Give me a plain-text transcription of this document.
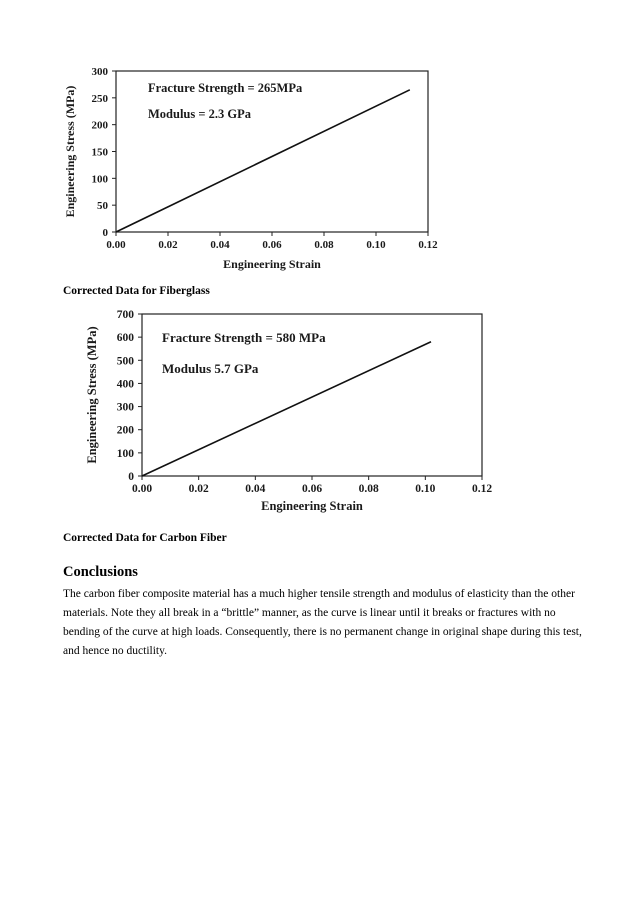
0.00	0.02	0.04	0.06	0.08	0.10	0.12
0
50
100
150
200
250
300
Engineering Strain
Engineering Stress (MPa)	Fracture Strength = 265MPa
Modulus = 2.3 GPa
0.00	0.02	0.04	0.06	0.08	0.10	0.12
0
100
200
300
400
500
600
700
Engineering Strain
Engineering Stress (MPa)	Fracture Strength = 580 MPa
Modulus 5.7 GPa
Corrected Data for Fiberglass
Corrected Data for Carbon Fiber
Conclusions
The carbon fiber composite material has a much higher tensile strength and modulus of elasticity than the other materials. Note they all break in a “brittle” manner, as the curve is linear until it breaks or fractures with no bending of the curve at high loads. Consequently, there is no permanent change in original shape during this test, and hence no ductility.
